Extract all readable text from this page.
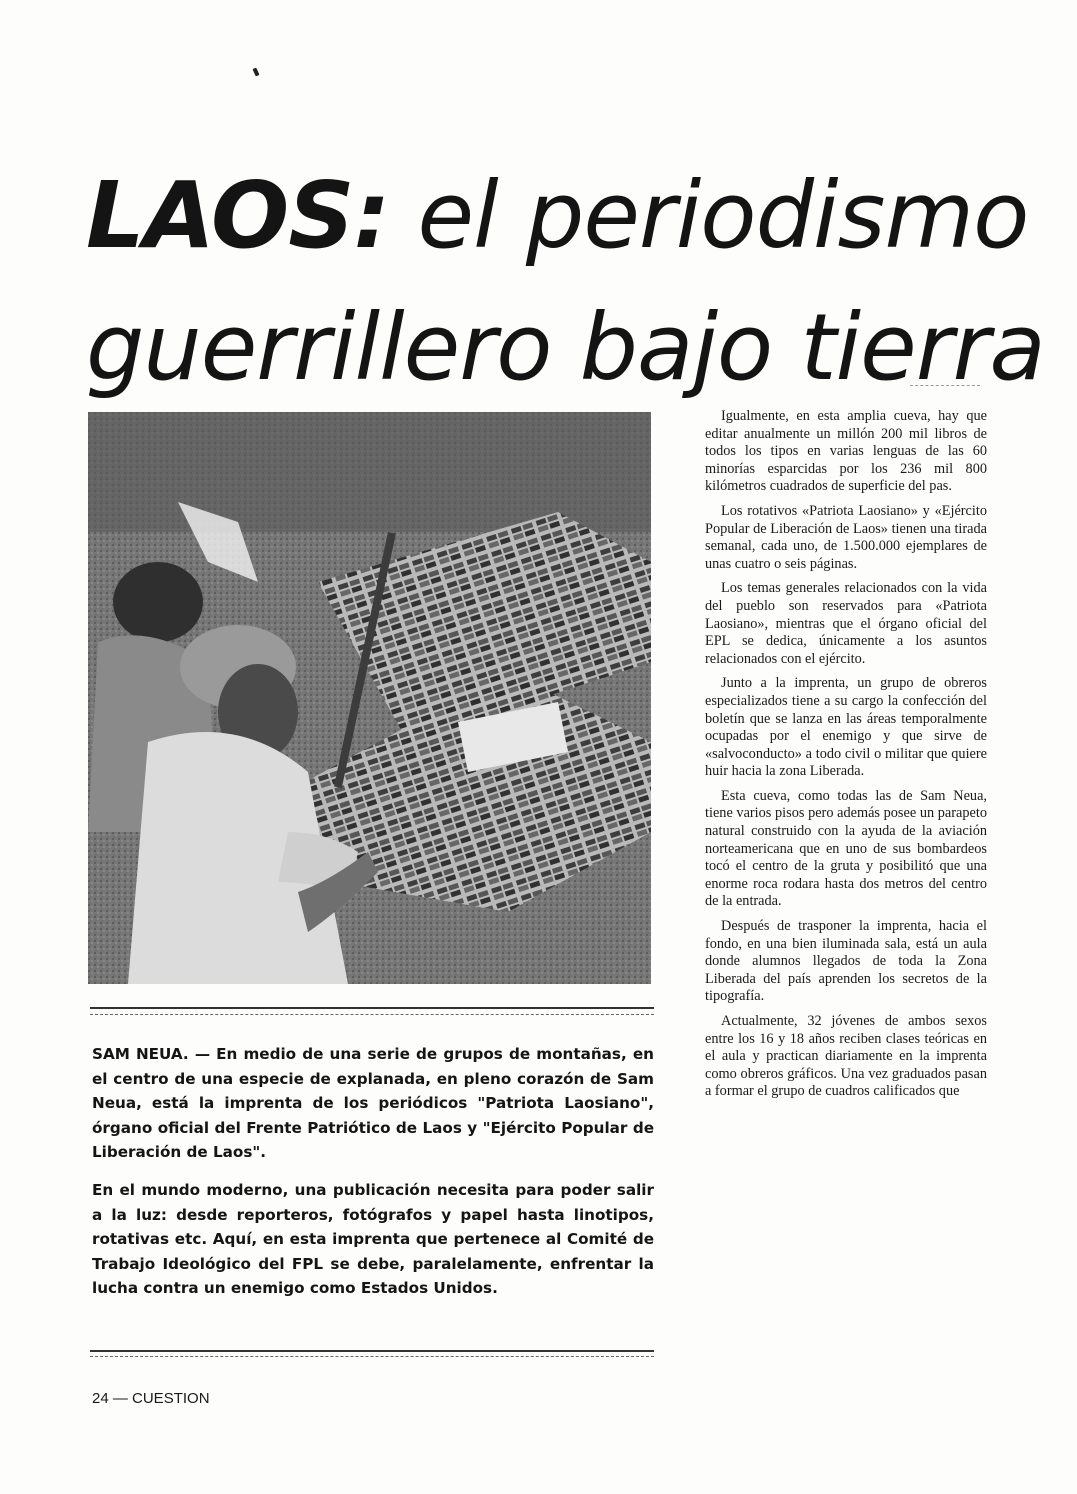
LAOS: el periodismo
guerrillero bajo tierra

SAM NEUA. — En medio de una serie de grupos de montañas, en el centro de una especie de explanada, en pleno corazón de Sam Neua, está la imprenta de los periódicos "Patriota Laosiano", órgano oficial del Frente Patriótico de Laos y "Ejército Popular de Liberación de Laos".

En el mundo moderno, una publicación necesita para poder salir a la luz: desde reporteros, fotógrafos y papel hasta linotipos, rotativas etc. Aquí, en esta imprenta que pertenece al Comité de Trabajo Ideológico del FPL se debe, paralelamente, enfrentar la lucha contra un enemigo como Estados Unidos.

Igualmente, en esta amplia cueva, hay que editar anualmente un millón 200 mil libros de todos los tipos en varias lenguas de las 60 minorías esparcidas por los 236 mil 800 kilómetros cuadrados de superficie del pas.

Los rotativos «Patriota Laosiano» y «Ejército Popular de Liberación de Laos» tienen una tirada semanal, cada uno, de 1.500.000 ejemplares de unas cuatro o seis páginas.

Los temas generales relacionados con la vida del pueblo son reservados para «Patriota Laosiano», mientras que el órgano oficial del EPL se dedica, únicamente a los asuntos relacionados con el ejército.

Junto a la imprenta, un grupo de obreros especializados tiene a su cargo la confección del boletín que se lanza en las áreas temporalmente ocupadas por el enemigo y que sirve de «salvoconducto» a todo civil o militar que quiere huir hacia la zona Liberada.

Esta cueva, como todas las de Sam Neua, tiene varios pisos pero además posee un parapeto natural construido con la ayuda de la aviación norteamericana que en uno de sus bombardeos tocó el centro de la gruta y posibilitó que una enorme roca rodara hasta dos metros del centro de la entrada.

Después de trasponer la imprenta, hacia el fondo, en una bien iluminada sala, está un aula donde alumnos llegados de toda la Zona Liberada del país aprenden los secretos de la tipografía.

Actualmente, 32 jóvenes de ambos sexos entre los 16 y 18 años reciben clases teóricas en el aula y practican diariamente en la imprenta como obreros gráficos. Una vez graduados pasan a formar el grupo de cuadros calificados que

24 — CUESTION
